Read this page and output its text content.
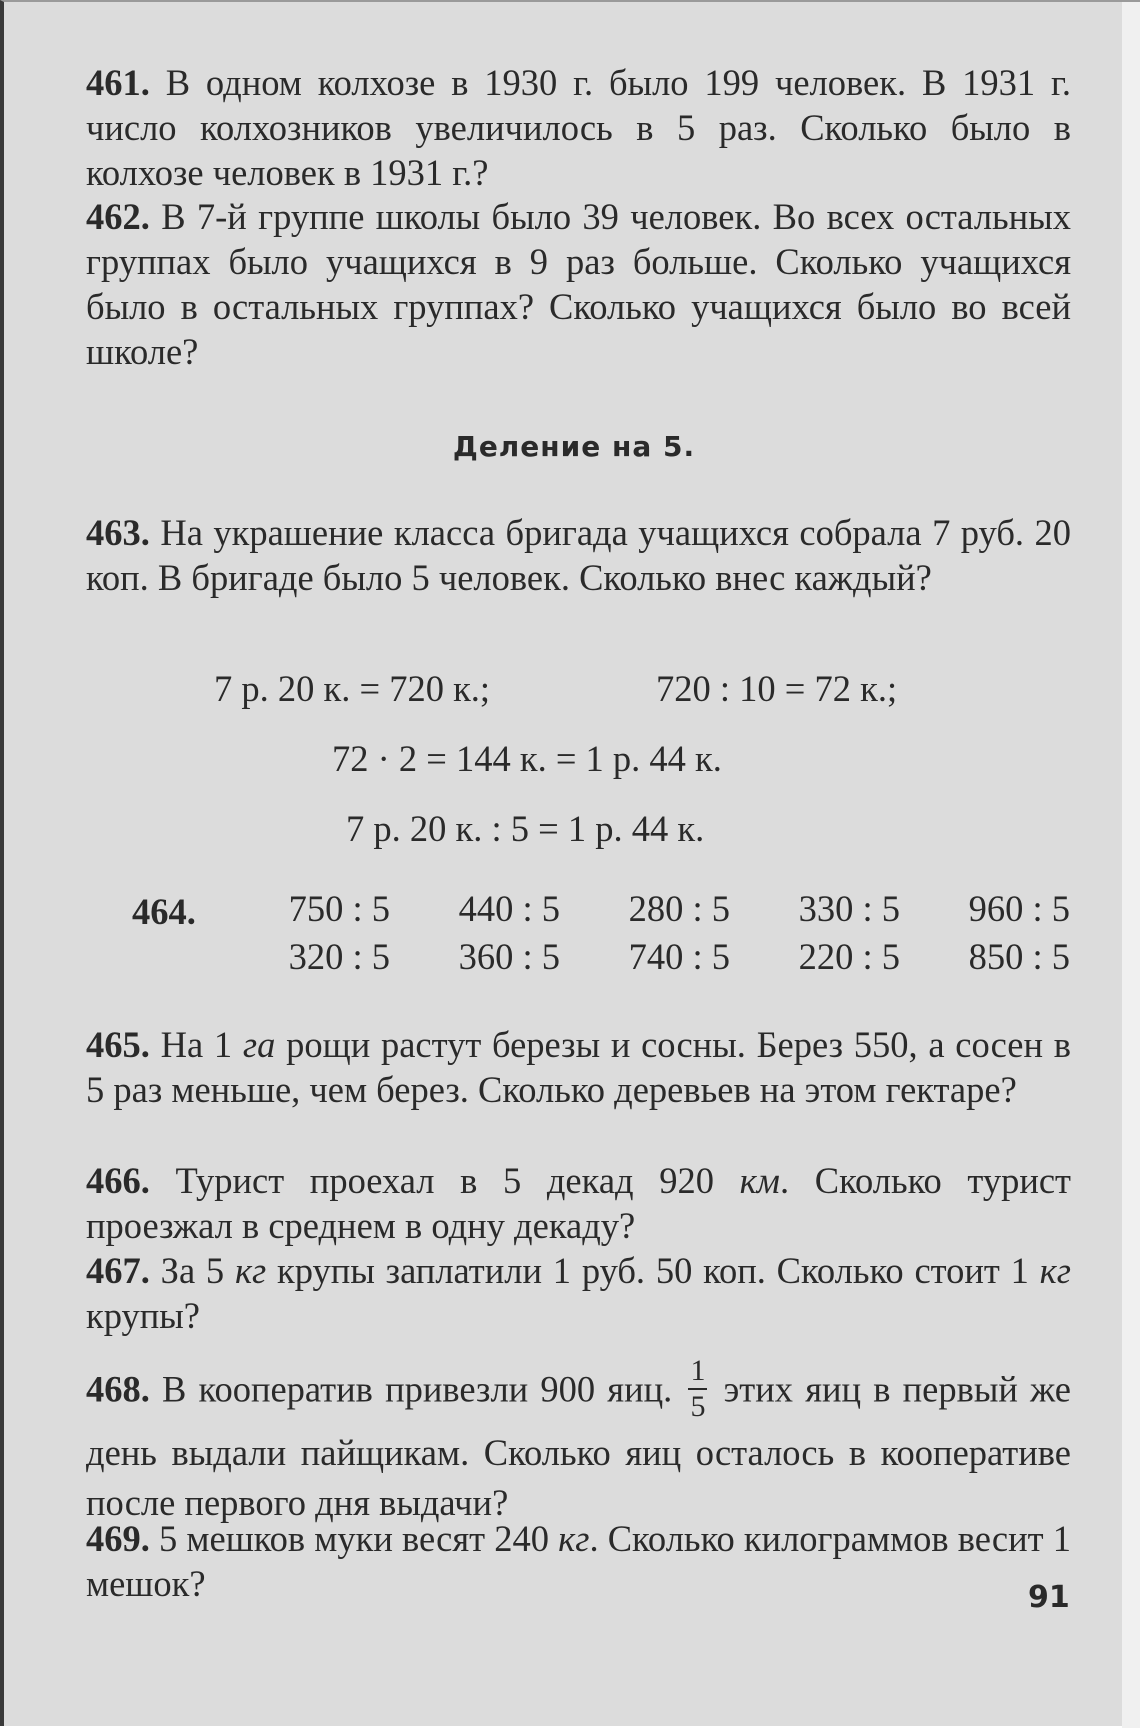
461. В одном колхозе в 1930 г. было 199 человек. В 1931 г. число колхозников увеличилось в 5 раз. Сколько было в колхозе человек в 1931 г.?

462. В 7-й группе школы было 39 человек. Во всех остальных группах было учащихся в 9 раз больше. Сколько учащихся было в остальных группах? Сколько учащихся было во всей школе?

Деление на 5.

463. На украшение класса бригада учащихся собрала 7 руб. 20 коп. В бригаде было 5 человек. Сколько внес каждый?

7 р. 20 к. = 720 к.;	720 : 10 = 72 к.;
72 · 2 = 144 к. = 1 р. 44 к.
7 р. 20 к. : 5 = 1 р. 44 к.
464.	750 : 5	440 : 5	280 : 5	330 : 5	960 : 5
320 : 5	360 : 5	740 : 5	220 : 5	850 : 5

465. На 1 га рощи растут березы и сосны. Берез 550, а сосен в 5 раз меньше, чем берез. Сколько деревьев на этом гектаре?

466. Турист проехал в 5 декад 920 км. Сколько турист проезжал в среднем в одну декаду?

467. За 5 кг крупы заплатили 1 руб. 50 коп. Сколько стоит 1 кг крупы?

468. В кооператив привезли 900 яиц. $\frac{1}{5}$ этих яиц в первый же день выдали пайщикам. Сколько яиц осталось в кооперативе после первого дня выдачи?

469. 5 мешков муки весят 240 кг. Сколько килограммов весит 1 мешок?	91
